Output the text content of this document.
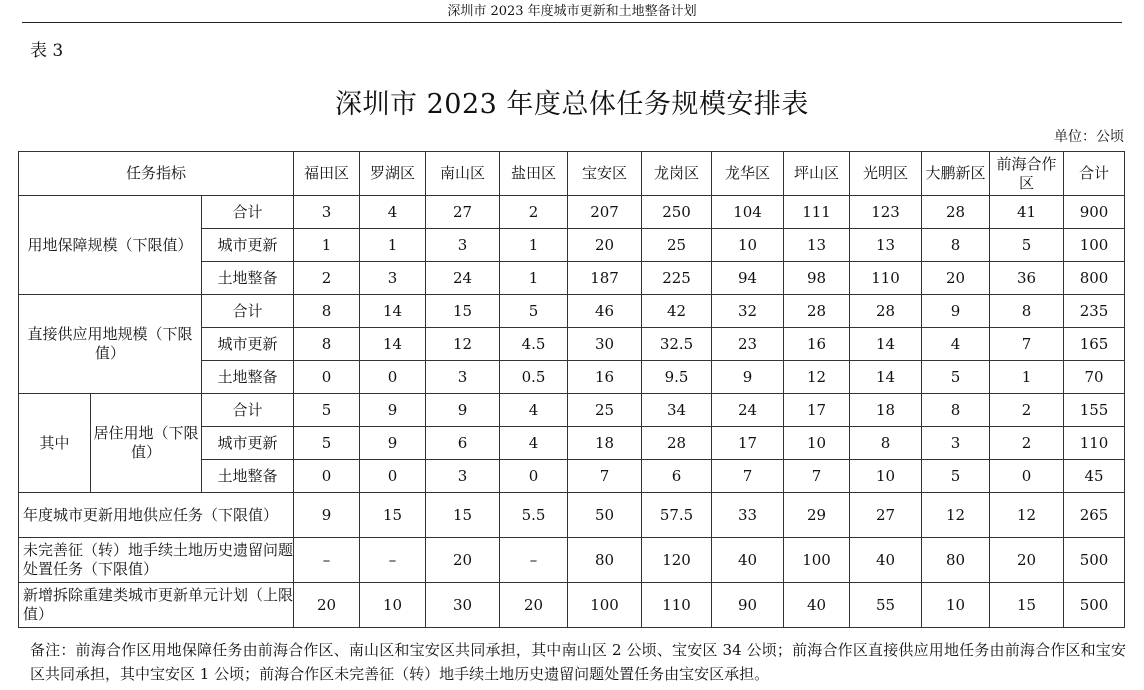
深圳市 2023 年度城市更新和土地整备计划
表 3
深圳市 2023 年度总体任务规模安排表
单位：公顷
任务指标			福田区	罗湖区	南山区	盐田区	宝安区	龙岗区	龙华区	坪山区	光明区	大鹏新区	前海合作区	合计
用地保障规模（下限值）		合计	3	4	27	2	207	250	104	111	123	28	41	900
		城市更新	1	1	3	1	20	25	10	13	13	8	5	100
		土地整备	2	3	24	1	187	225	94	98	110	20	36	800
直接供应用地规模（下限值）		合计	8	14	15	5	46	42	32	28	28	9	8	235
		城市更新	8	14	12	4.5	30	32.5	23	16	14	4	7	165
		土地整备	0	0	3	0.5	16	9.5	9	12	14	5	1	70
其中	居住用地（下限值）	合计	5	9	9	4	25	34	24	17	18	8	2	155
		城市更新	5	9	6	4	18	28	17	10	8	3	2	110
		土地整备	0	0	3	0	7	6	7	7	10	5	0	45
年度城市更新用地供应任务（下限值）			9	15	15	5.5	50	57.5	33	29	27	12	12	265
未完善征（转）地手续土地历史遗留问题处置任务（下限值）			–	–	20	–	80	120	40	100	40	80	20	500
新增拆除重建类城市更新单元计划（上限值）			20	10	30	20	100	110	90	40	55	10	15	500
备注：前海合作区用地保障任务由前海合作区、南山区和宝安区共同承担，其中南山区 2 公顷、宝安区 34 公顷；前海合作区直接供应用地任务由前海合作区和宝安区共同承担，其中宝安区 1 公顷；前海合作区未完善征（转）地手续土地历史遗留问题处置任务由宝安区承担。
